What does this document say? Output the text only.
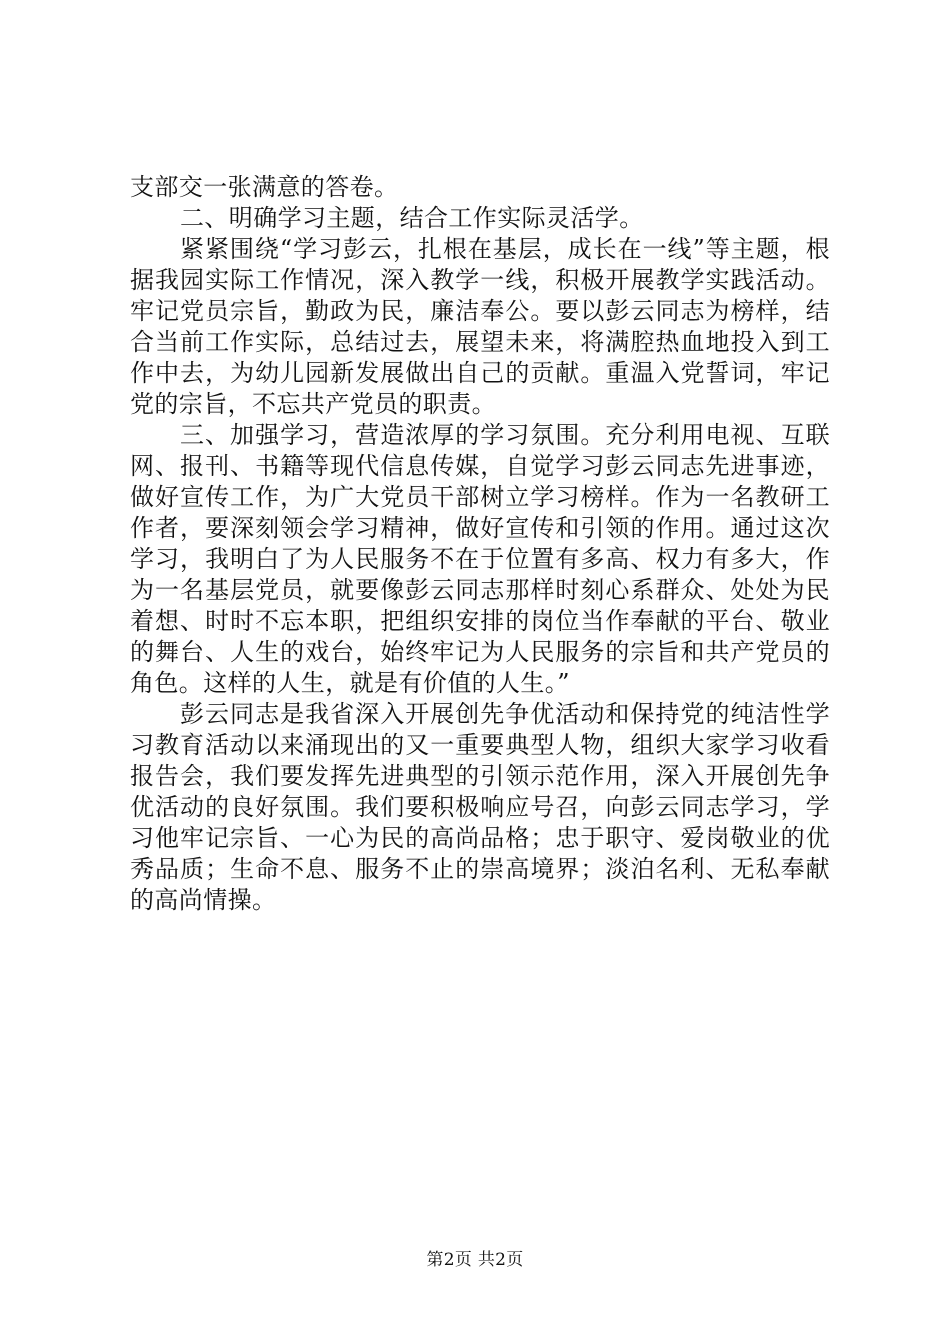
支部交一张满意的答卷。

二、明确学习主题，结合工作实际灵活学。

紧紧围绕“学习彭云，扎根在基层，成长在一线”等主题，根据我园实际工作情况，深入教学一线，积极开展教学实践活动。牢记党员宗旨，勤政为民，廉洁奉公。要以彭云同志为榜样，结合当前工作实际，总结过去，展望未来，将满腔热血地投入到工作中去，为幼儿园新发展做出自己的贡献。重温入党誓词，牢记党的宗旨，不忘共产党员的职责。

三、加强学习，营造浓厚的学习氛围。充分利用电视、互联网、报刊、书籍等现代信息传媒，自觉学习彭云同志先进事迹，做好宣传工作，为广大党员干部树立学习榜样。作为一名教研工作者，要深刻领会学习精神，做好宣传和引领的作用。通过这次学习，我明白了为人民服务不在于位置有多高、权力有多大，作为一名基层党员，就要像彭云同志那样时刻心系群众、处处为民着想、时时不忘本职，把组织安排的岗位当作奉献的平台、敬业的舞台、人生的戏台，始终牢记为人民服务的宗旨和共产党员的角色。这样的人生，就是有价值的人生。”

彭云同志是我省深入开展创先争优活动和保持党的纯洁性学习教育活动以来涌现出的又一重要典型人物，组织大家学习收看报告会，我们要发挥先进典型的引领示范作用，深入开展创先争优活动的良好氛围。我们要积极响应号召，向彭云同志学习，学习他牢记宗旨、一心为民的高尚品格；忠于职守、爱岗敬业的优秀品质；生命不息、服务不止的崇高境界；淡泊名利、无私奉献的高尚情操。

第2页 共2页
